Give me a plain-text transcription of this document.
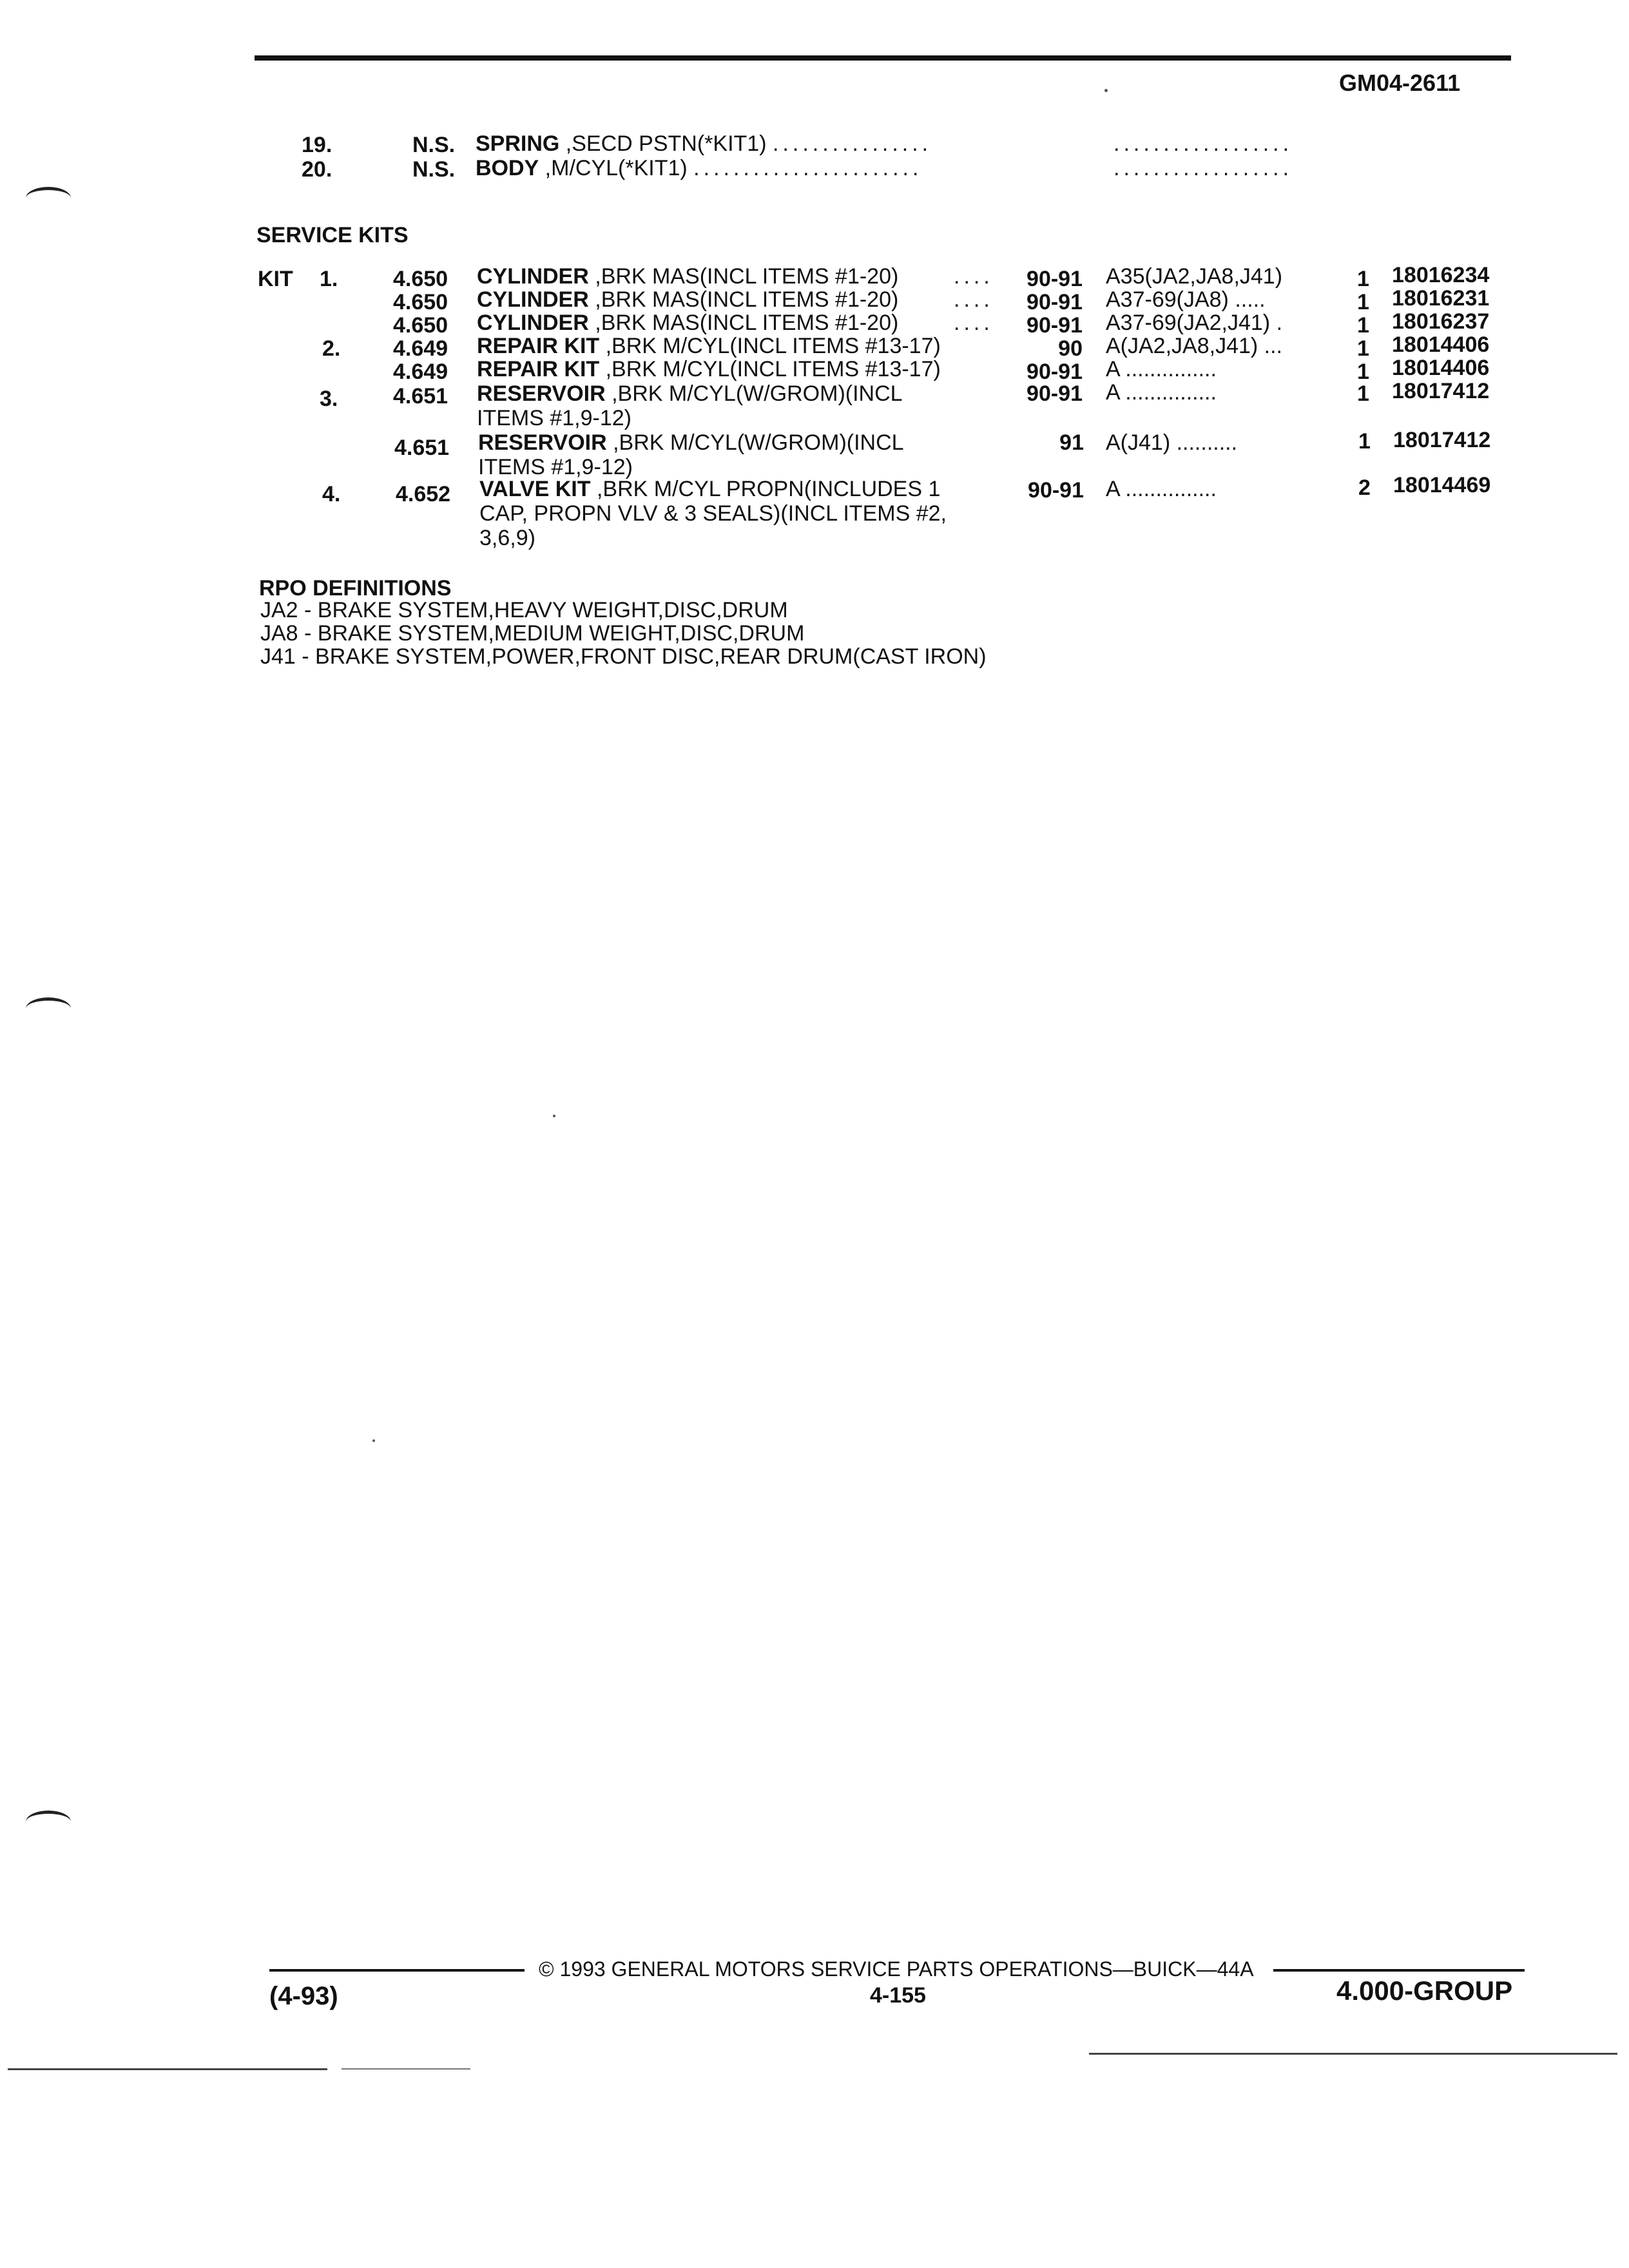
GM04-2611
19.	N.S. SPRING ,SECD PSTN(*KIT1) ................	..................
20.	N.S. BODY ,M/CYL(*KIT1) .......................	..................
SERVICE KITS
KIT 1.	4.650 CYLINDER ,BRK MAS(INCL ITEMS #1-20)	.... 90-91 A35(JA2,JA8,J41)	1 18016234
4.650 CYLINDER ,BRK MAS(INCL ITEMS #1-20)	.... 90-91 A37-69(JA8) .....	1 18016231
4.650 CYLINDER ,BRK MAS(INCL ITEMS #1-20)	.... 90-91 A37-69(JA2,J41) .	1 18016237
2. 4.649 REPAIR KIT ,BRK M/CYL(INCL ITEMS #13-17)	90 A(JA2,JA8,J41) ...	1 18014406
4.649 REPAIR KIT ,BRK M/CYL(INCL ITEMS #13-17)	90-91 A ...............	1 18014406
3.	4.651 RESERVOIR ,BRK M/CYL(W/GROM)(INCL
ITEMS #1,9-12)
90-91 A ...............	1 18017412
4.651 RESERVOIR ,BRK M/CYL(W/GROM)(INCL
ITEMS #1,9-12)
91 A(J41) ..........	1 18017412
4.	4.652 VALVE KIT ,BRK M/CYL PROPN(INCLUDES 1
CAP, PROPN VLV & 3 SEALS)(INCL ITEMS #2,
3,6,9)
90-91 A ...............	2 18014469
RPO DEFINITIONS
JA2 - BRAKE SYSTEM,HEAVY WEIGHT,DISC,DRUM
JA8 - BRAKE SYSTEM,MEDIUM WEIGHT,DISC,DRUM
J41 - BRAKE SYSTEM,POWER,FRONT DISC,REAR DRUM(CAST IRON)
© 1993 GENERAL MOTORS SERVICE PARTS OPERATIONS—BUICK—44A
(4-93)	4-155	4.000-GROUP
